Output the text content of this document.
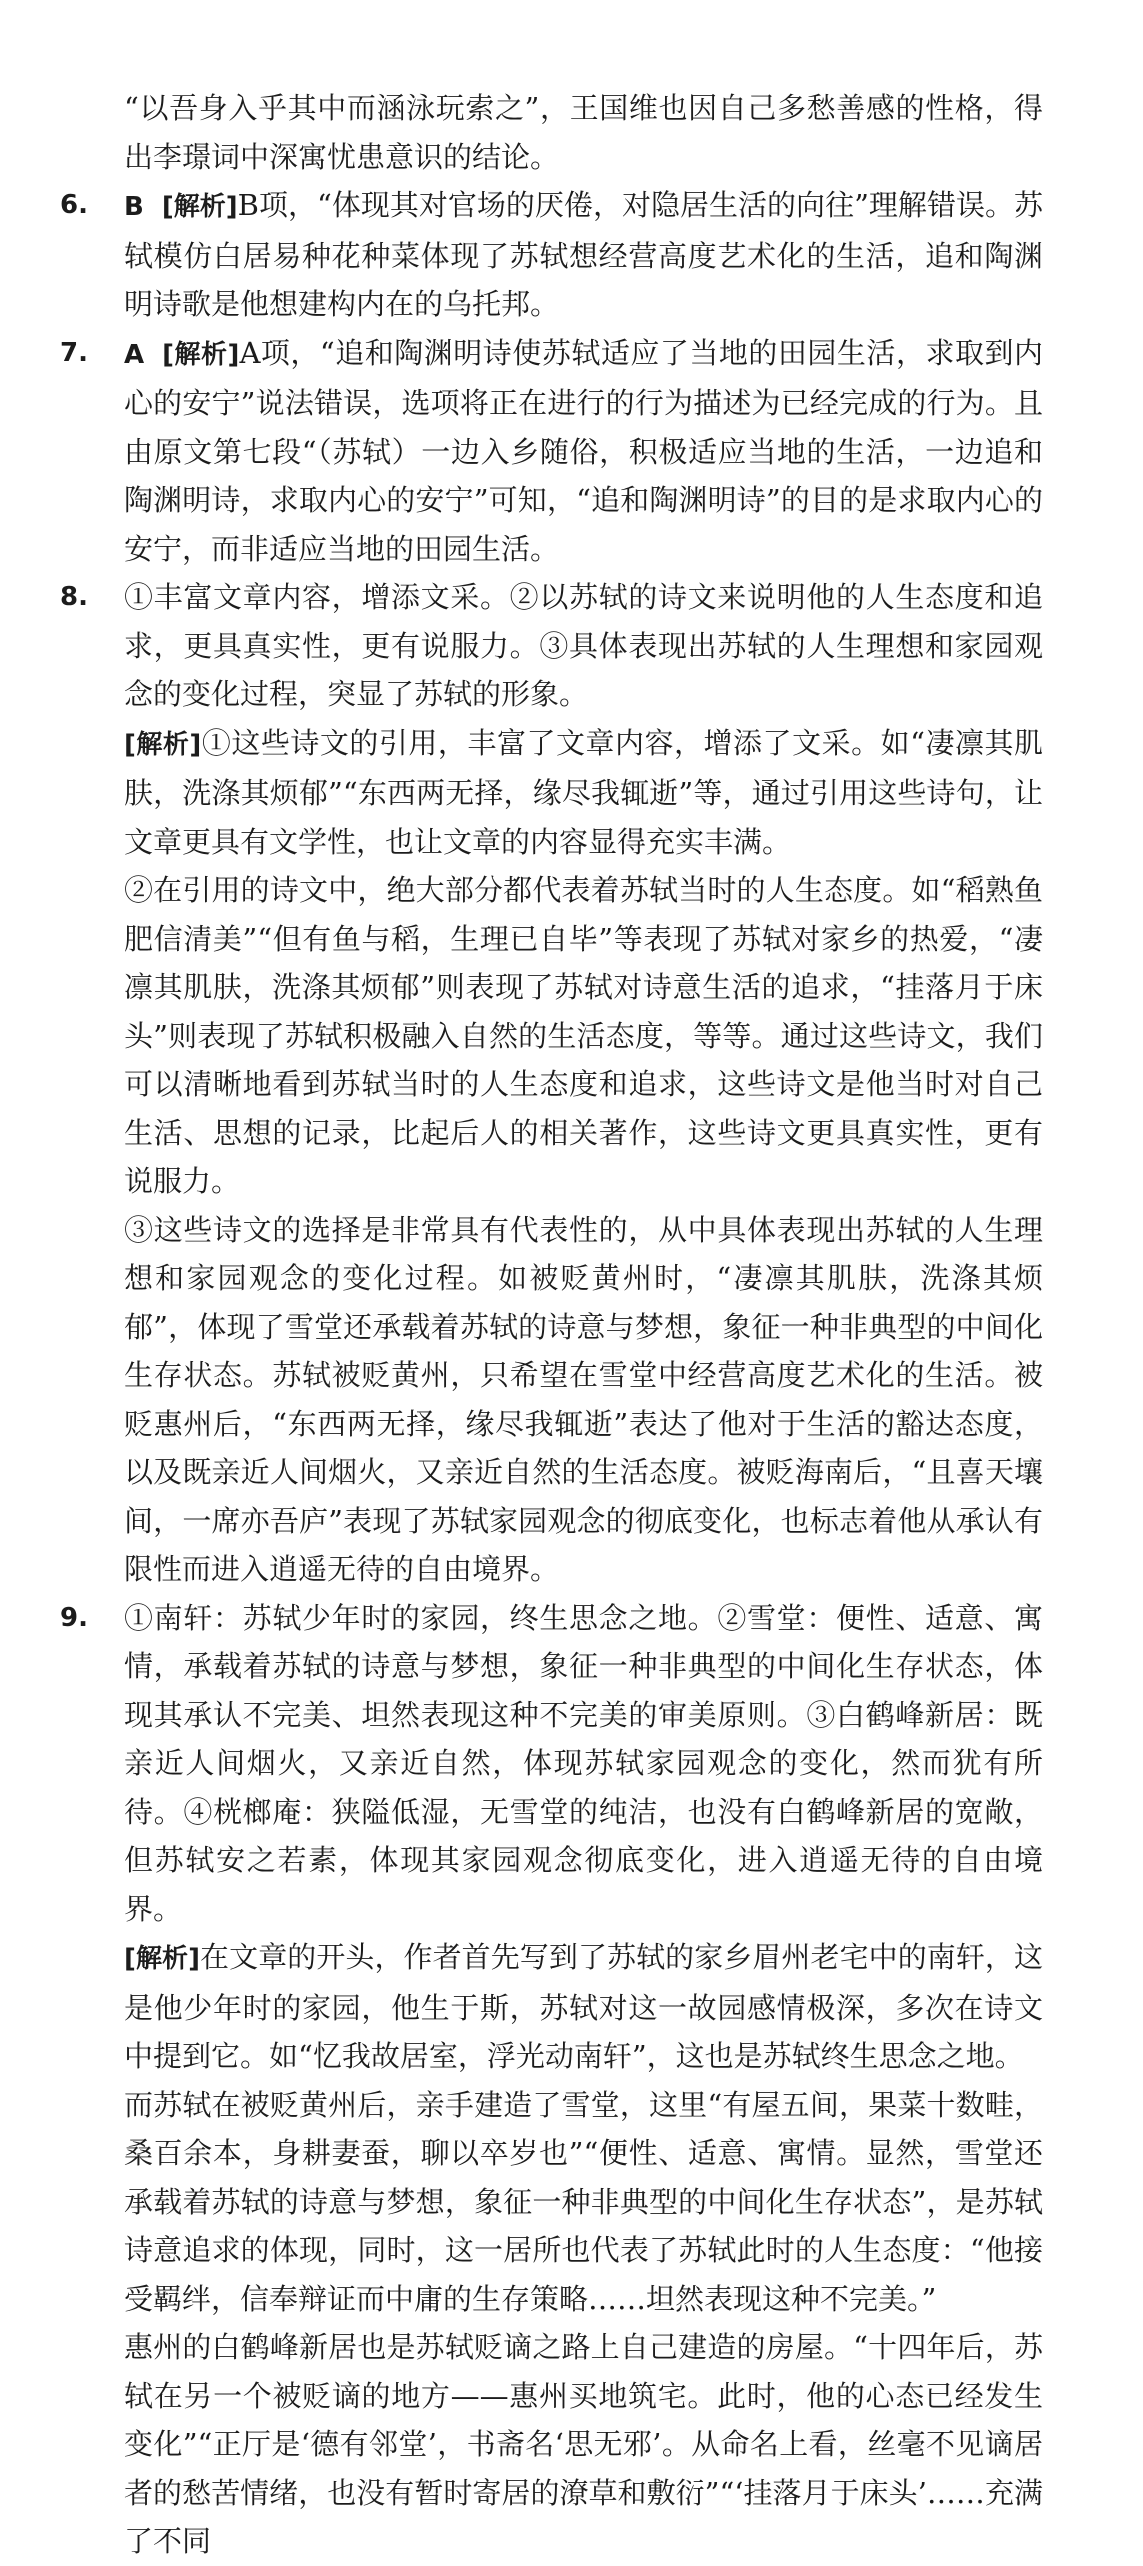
“以吾身入乎其中而涵泳玩索之”，王国维也因自己多愁善感的性格，得出李璟词中深寓忧患意识的结论。

6.	B [解析]B项，“体现其对官场的厌倦，对隐居生活的向往”理解错误。苏轼模仿白居易种花种菜体现了苏轼想经营高度艺术化的生活，追和陶渊明诗歌是他想建构内在的乌托邦。

7.	A [解析]A项，“追和陶渊明诗使苏轼适应了当地的田园生活，求取到内心的安宁”说法错误，选项将正在进行的行为描述为已经完成的行为。且由原文第七段“（苏轼）一边入乡随俗，积极适应当地的生活，一边追和陶渊明诗，求取内心的安宁”可知，“追和陶渊明诗”的目的是求取内心的安宁，而非适应当地的田园生活。

8.	①丰富文章内容，增添文采。②以苏轼的诗文来说明他的人生态度和追求，更具真实性，更有说服力。③具体表现出苏轼的人生理想和家园观念的变化过程，突显了苏轼的形象。

[解析]①这些诗文的引用，丰富了文章内容，增添了文采。如“凄凛其肌肤，洗涤其烦郁”“东西两无择，缘尽我辄逝”等，通过引用这些诗句，让文章更具有文学性，也让文章的内容显得充实丰满。

②在引用的诗文中，绝大部分都代表着苏轼当时的人生态度。如“稻熟鱼肥信清美”“但有鱼与稻，生理已自毕”等表现了苏轼对家乡的热爱，“凄凛其肌肤，洗涤其烦郁”则表现了苏轼对诗意生活的追求，“挂落月于床头”则表现了苏轼积极融入自然的生活态度，等等。通过这些诗文，我们可以清晰地看到苏轼当时的人生态度和追求，这些诗文是他当时对自己生活、思想的记录，比起后人的相关著作，这些诗文更具真实性，更有说服力。

③这些诗文的选择是非常具有代表性的，从中具体表现出苏轼的人生理想和家园观念的变化过程。如被贬黄州时，“凄凛其肌肤，洗涤其烦郁”，体现了雪堂还承载着苏轼的诗意与梦想，象征一种非典型的中间化生存状态。苏轼被贬黄州，只希望在雪堂中经营高度艺术化的生活。被贬惠州后，“东西两无择，缘尽我辄逝”表达了他对于生活的豁达态度，以及既亲近人间烟火，又亲近自然的生活态度。被贬海南后，“且喜天壤间，一席亦吾庐”表现了苏轼家园观念的彻底变化，也标志着他从承认有限性而进入逍遥无待的自由境界。

9.	①南轩：苏轼少年时的家园，终生思念之地。②雪堂：便性、适意、寓情，承载着苏轼的诗意与梦想，象征一种非典型的中间化生存状态，体现其承认不完美、坦然表现这种不完美的审美原则。③白鹤峰新居：既亲近人间烟火，又亲近自然，体现苏轼家园观念的变化，然而犹有所待。④桄榔庵：狭隘低湿，无雪堂的纯洁，也没有白鹤峰新居的宽敞，但苏轼安之若素，体现其家园观念彻底变化，进入逍遥无待的自由境界。

[解析]在文章的开头，作者首先写到了苏轼的家乡眉州老宅中的南轩，这是他少年时的家园，他生于斯，苏轼对这一故园感情极深，多次在诗文中提到它。如“忆我故居室，浮光动南轩”，这也是苏轼终生思念之地。

而苏轼在被贬黄州后，亲手建造了雪堂，这里“有屋五间，果菜十数畦，桑百余本，身耕妻蚕，聊以卒岁也”“便性、适意、寓情。显然，雪堂还承载着苏轼的诗意与梦想，象征一种非典型的中间化生存状态”，是苏轼诗意追求的体现，同时，这一居所也代表了苏轼此时的人生态度：“他接受羁绊，信奉辩证而中庸的生存策略……坦然表现这种不完美。”

惠州的白鹤峰新居也是苏轼贬谪之路上自己建造的房屋。“十四年后，苏轼在另一个被贬谪的地方——惠州买地筑宅。此时，他的心态已经发生变化”“正厅是‘德有邻堂’，书斋名‘思无邪’。从命名上看，丝毫不见谪居者的愁苦情绪，也没有暂时寄居的潦草和敷衍”“‘挂落月于床头’……充满了不同
